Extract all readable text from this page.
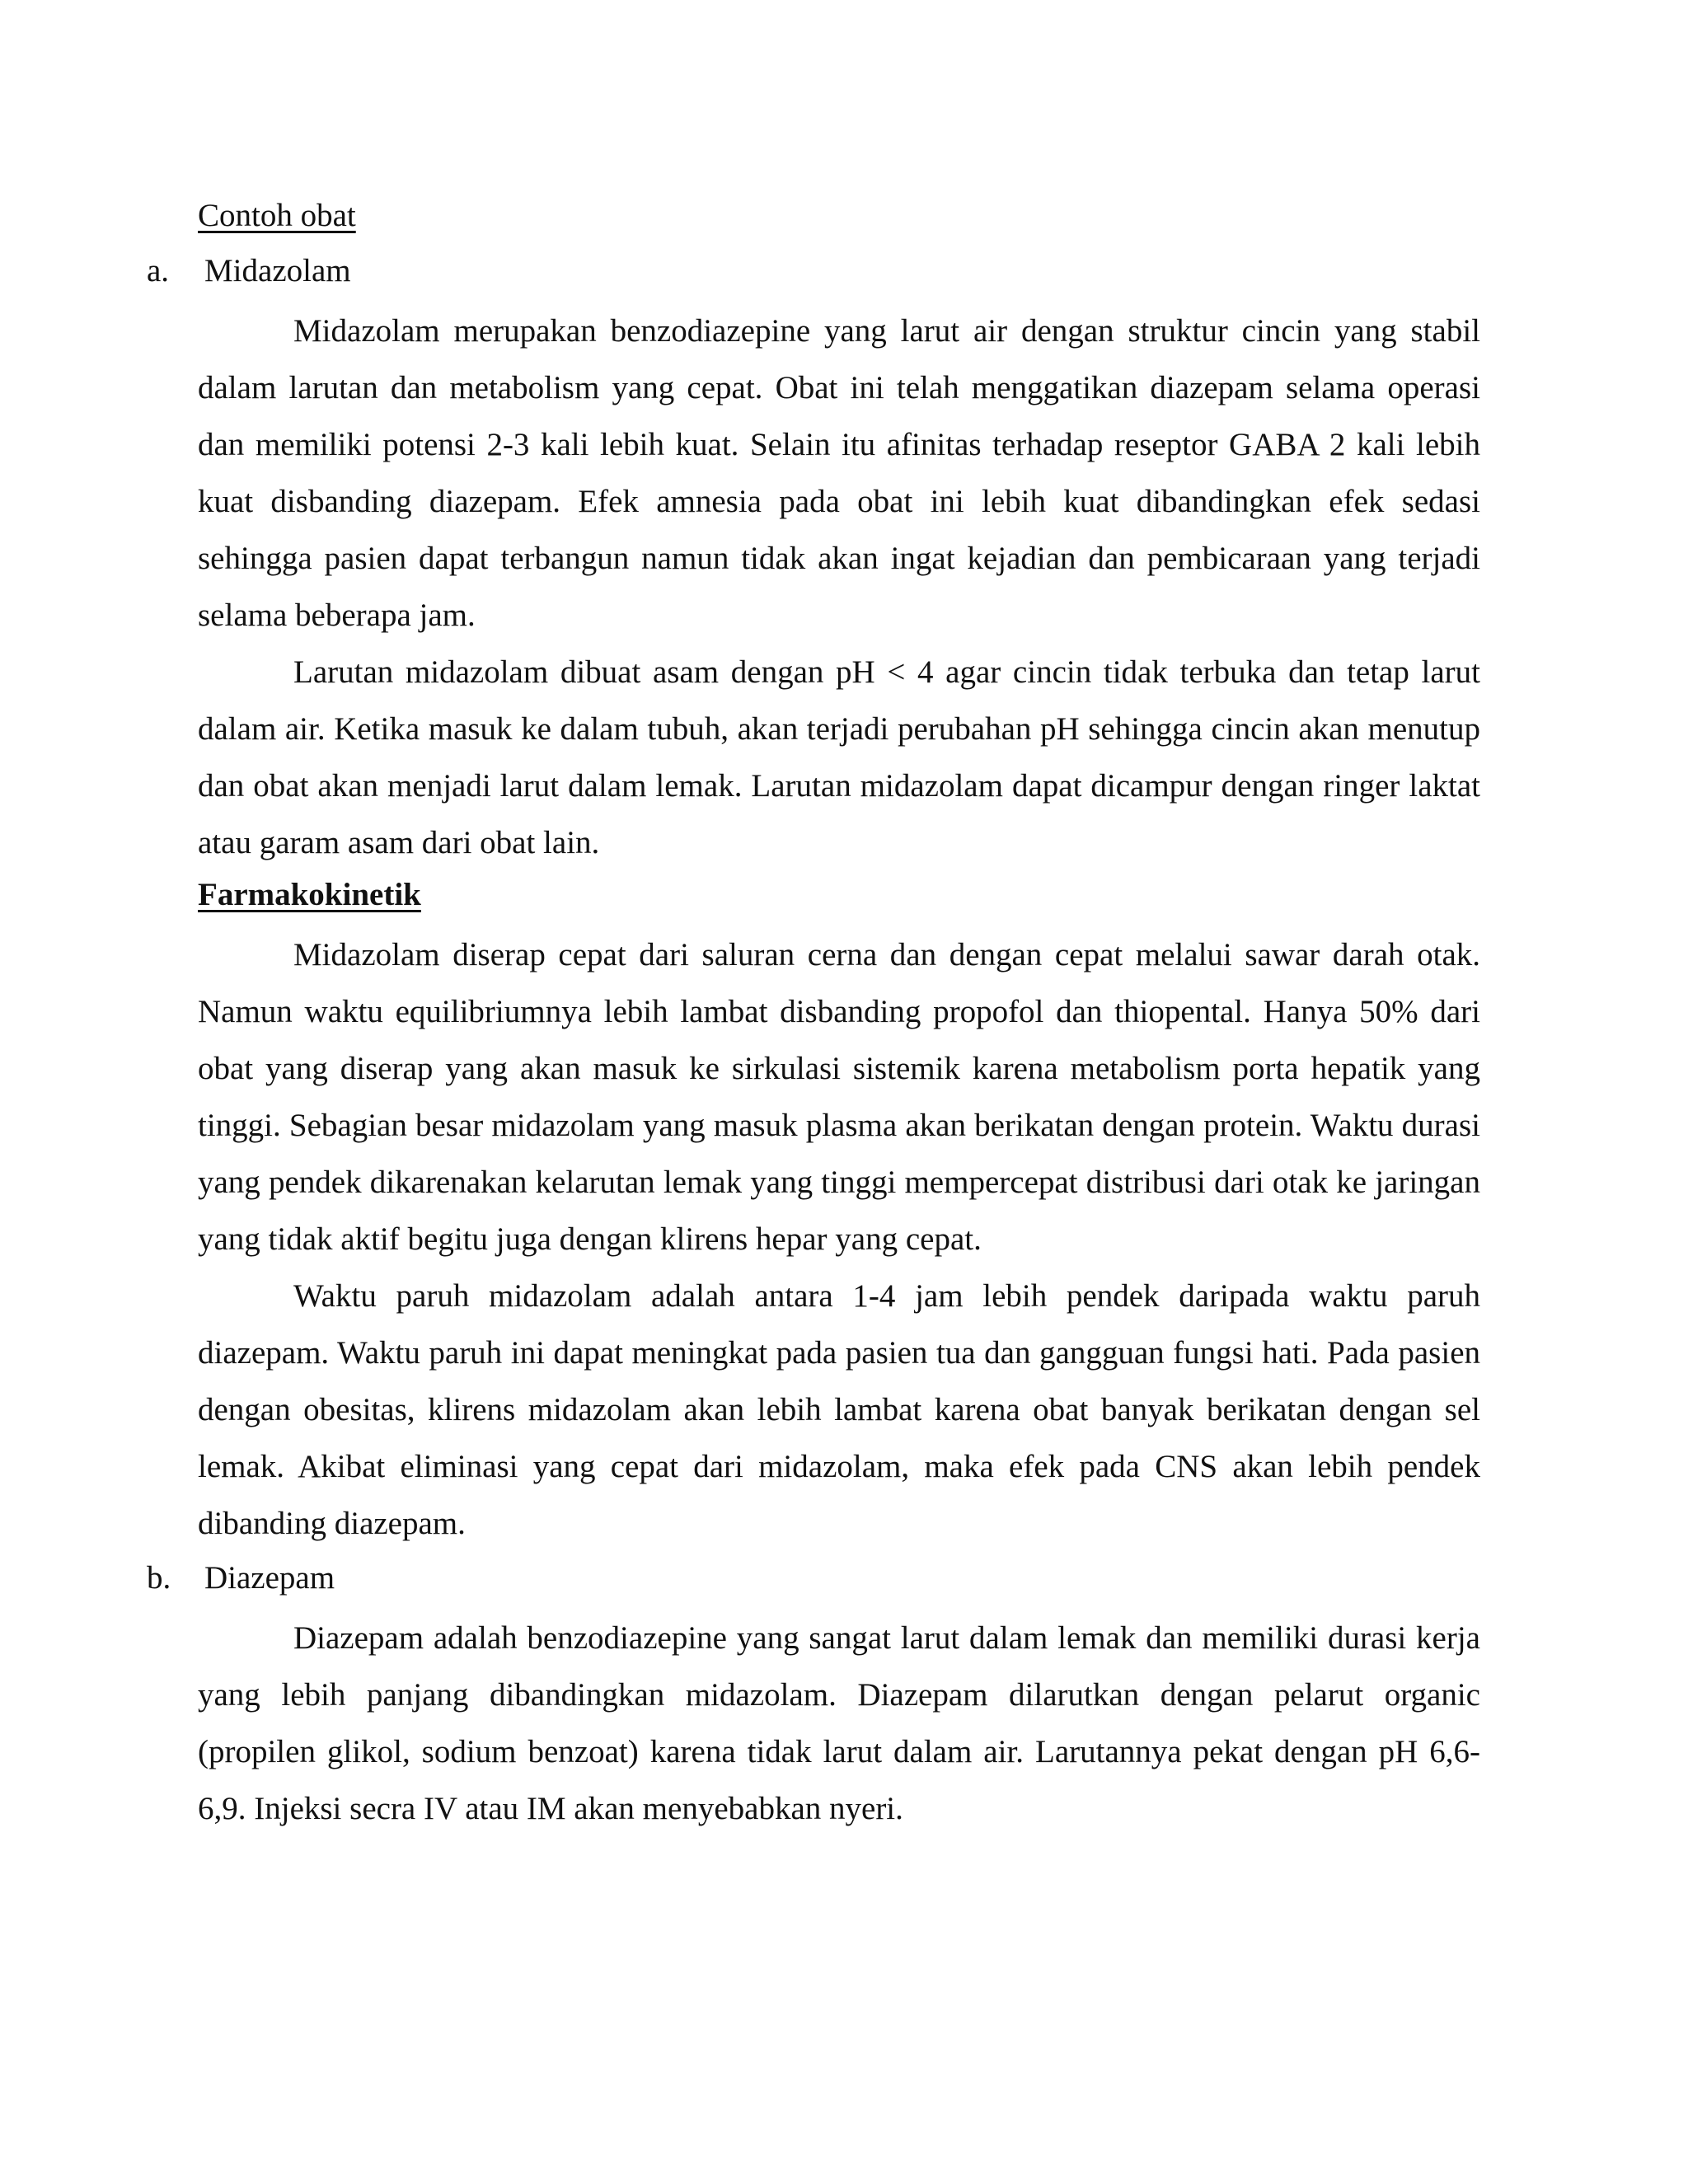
Contoh obat
a. Midazolam

Midazolam merupakan benzodiazepine yang larut air dengan struktur cincin yang stabil dalam larutan dan metabolism yang cepat. Obat ini telah menggatikan diazepam selama operasi dan memiliki potensi 2-3 kali lebih kuat. Selain itu afinitas terhadap reseptor GABA 2 kali lebih kuat disbanding diazepam. Efek amnesia pada obat ini lebih kuat dibandingkan efek sedasi sehingga pasien dapat terbangun namun tidak akan ingat kejadian dan pembicaraan yang terjadi selama beberapa jam.

Larutan midazolam dibuat asam dengan pH < 4 agar cincin tidak terbuka dan tetap larut dalam air. Ketika masuk ke dalam tubuh, akan terjadi perubahan pH sehingga cincin akan menutup dan obat akan menjadi larut dalam lemak. Larutan midazolam dapat dicampur dengan ringer laktat atau garam asam dari obat lain.

Farmakokinetik

Midazolam diserap cepat dari saluran cerna dan dengan cepat melalui sawar darah otak. Namun waktu equilibriumnya lebih lambat disbanding propofol dan thiopental. Hanya 50% dari obat yang diserap yang akan masuk ke sirkulasi sistemik karena metabolism porta hepatik yang tinggi. Sebagian besar midazolam yang masuk plasma akan berikatan dengan protein. Waktu durasi yang pendek dikarenakan kelarutan lemak yang tinggi mempercepat distribusi dari otak ke jaringan yang tidak aktif begitu juga dengan klirens hepar yang cepat.

Waktu paruh midazolam adalah antara 1-4 jam lebih pendek daripada waktu paruh diazepam. Waktu paruh ini dapat meningkat pada pasien tua dan gangguan fungsi hati. Pada pasien dengan obesitas, klirens midazolam akan lebih lambat karena obat banyak berikatan dengan sel lemak. Akibat eliminasi yang cepat dari midazolam, maka efek pada CNS akan lebih pendek dibanding diazepam.

b. Diazepam

Diazepam adalah benzodiazepine yang sangat larut dalam lemak dan memiliki durasi kerja yang lebih panjang dibandingkan midazolam. Diazepam dilarutkan dengan pelarut organic (propilen glikol, sodium benzoat) karena tidak larut dalam air. Larutannya pekat dengan pH 6,6-6,9. Injeksi secra IV atau IM akan menyebabkan nyeri.
